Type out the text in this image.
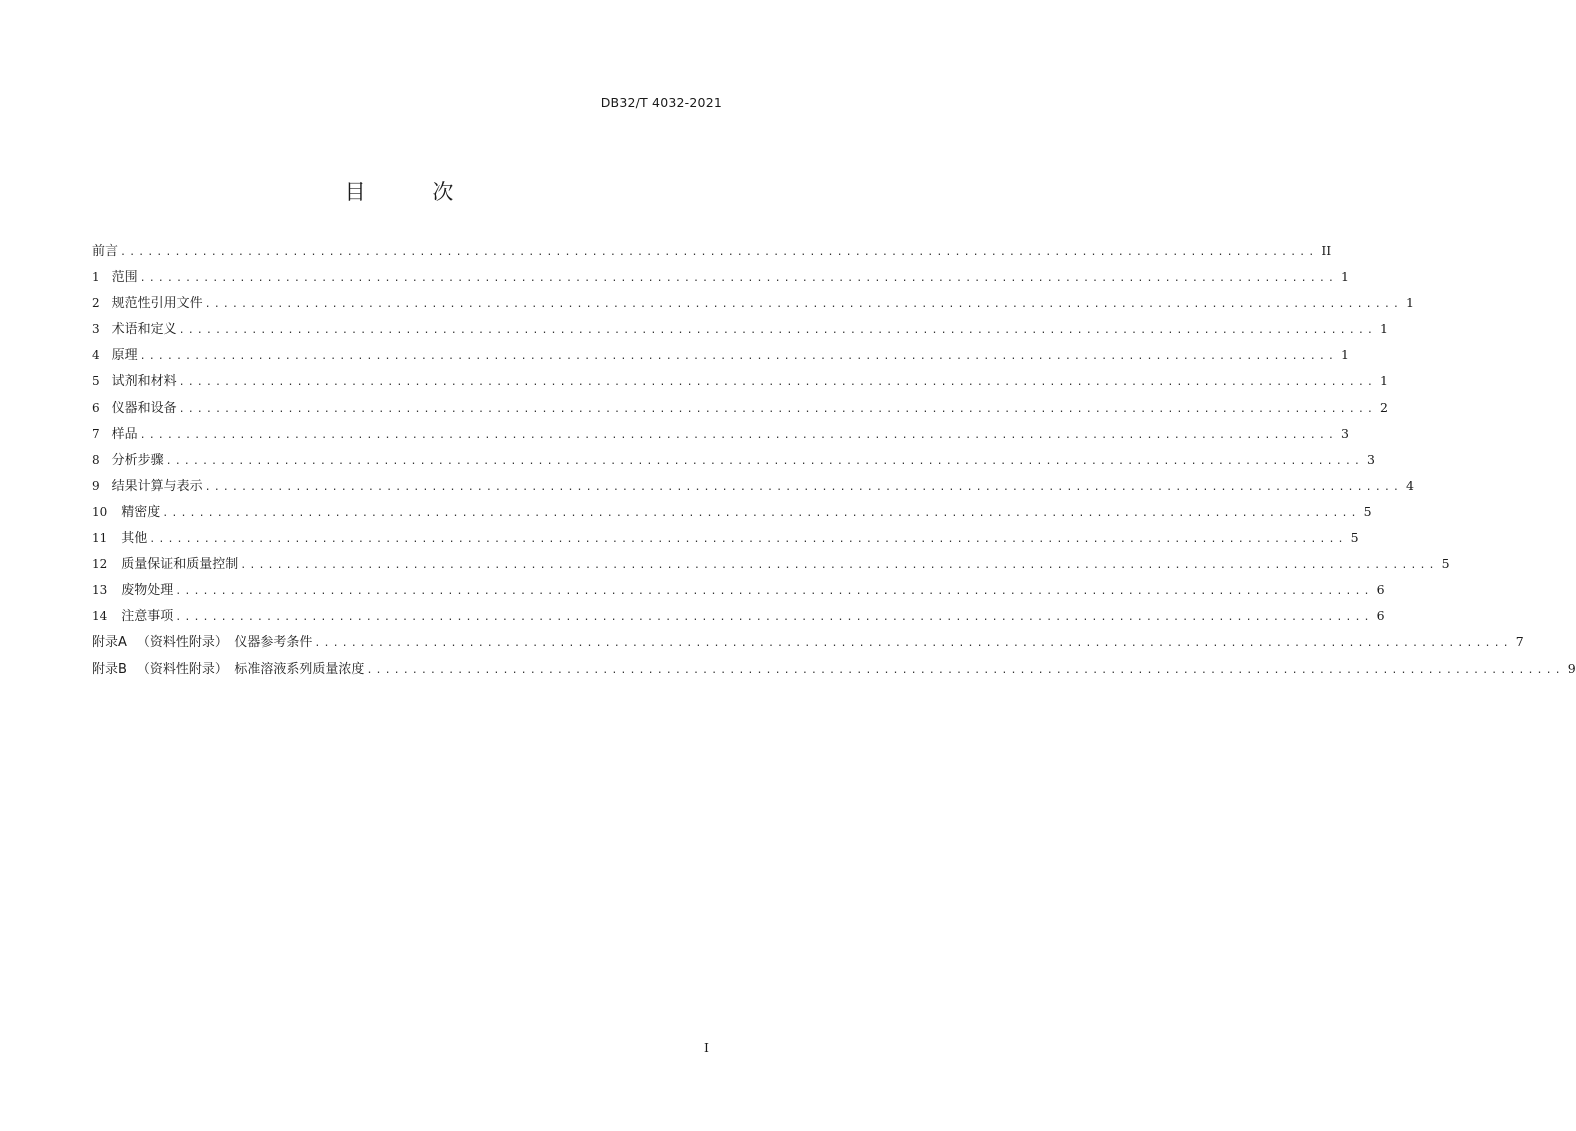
DB32/T 4032-2021
目 次
前言 .................................................................................................................................... II
1 范围 .................................................................................................................................... 1
2 规范性引用文件 .................................................................................................................................... 1
3 术语和定义 .................................................................................................................................... 1
4 原理 .................................................................................................................................... 1
5 试剂和材料 .................................................................................................................................... 1
6 仪器和设备 .................................................................................................................................... 2
7 样品 .................................................................................................................................... 3
8 分析步骤 .................................................................................................................................... 3
9 结果计算与表示 .................................................................................................................................... 4
10 精密度 .................................................................................................................................... 5
11 其他 .................................................................................................................................... 5
12 质量保证和质量控制 .................................................................................................................................... 5
13 废物处理 .................................................................................................................................... 6
14 注意事项 .................................................................................................................................... 6
附录A （资料性附录）　仪器参考条件 .................................................................................................................................... 7
附录B （资料性附录）　标准溶液系列质量浓度 .................................................................................................................................... 9
I
